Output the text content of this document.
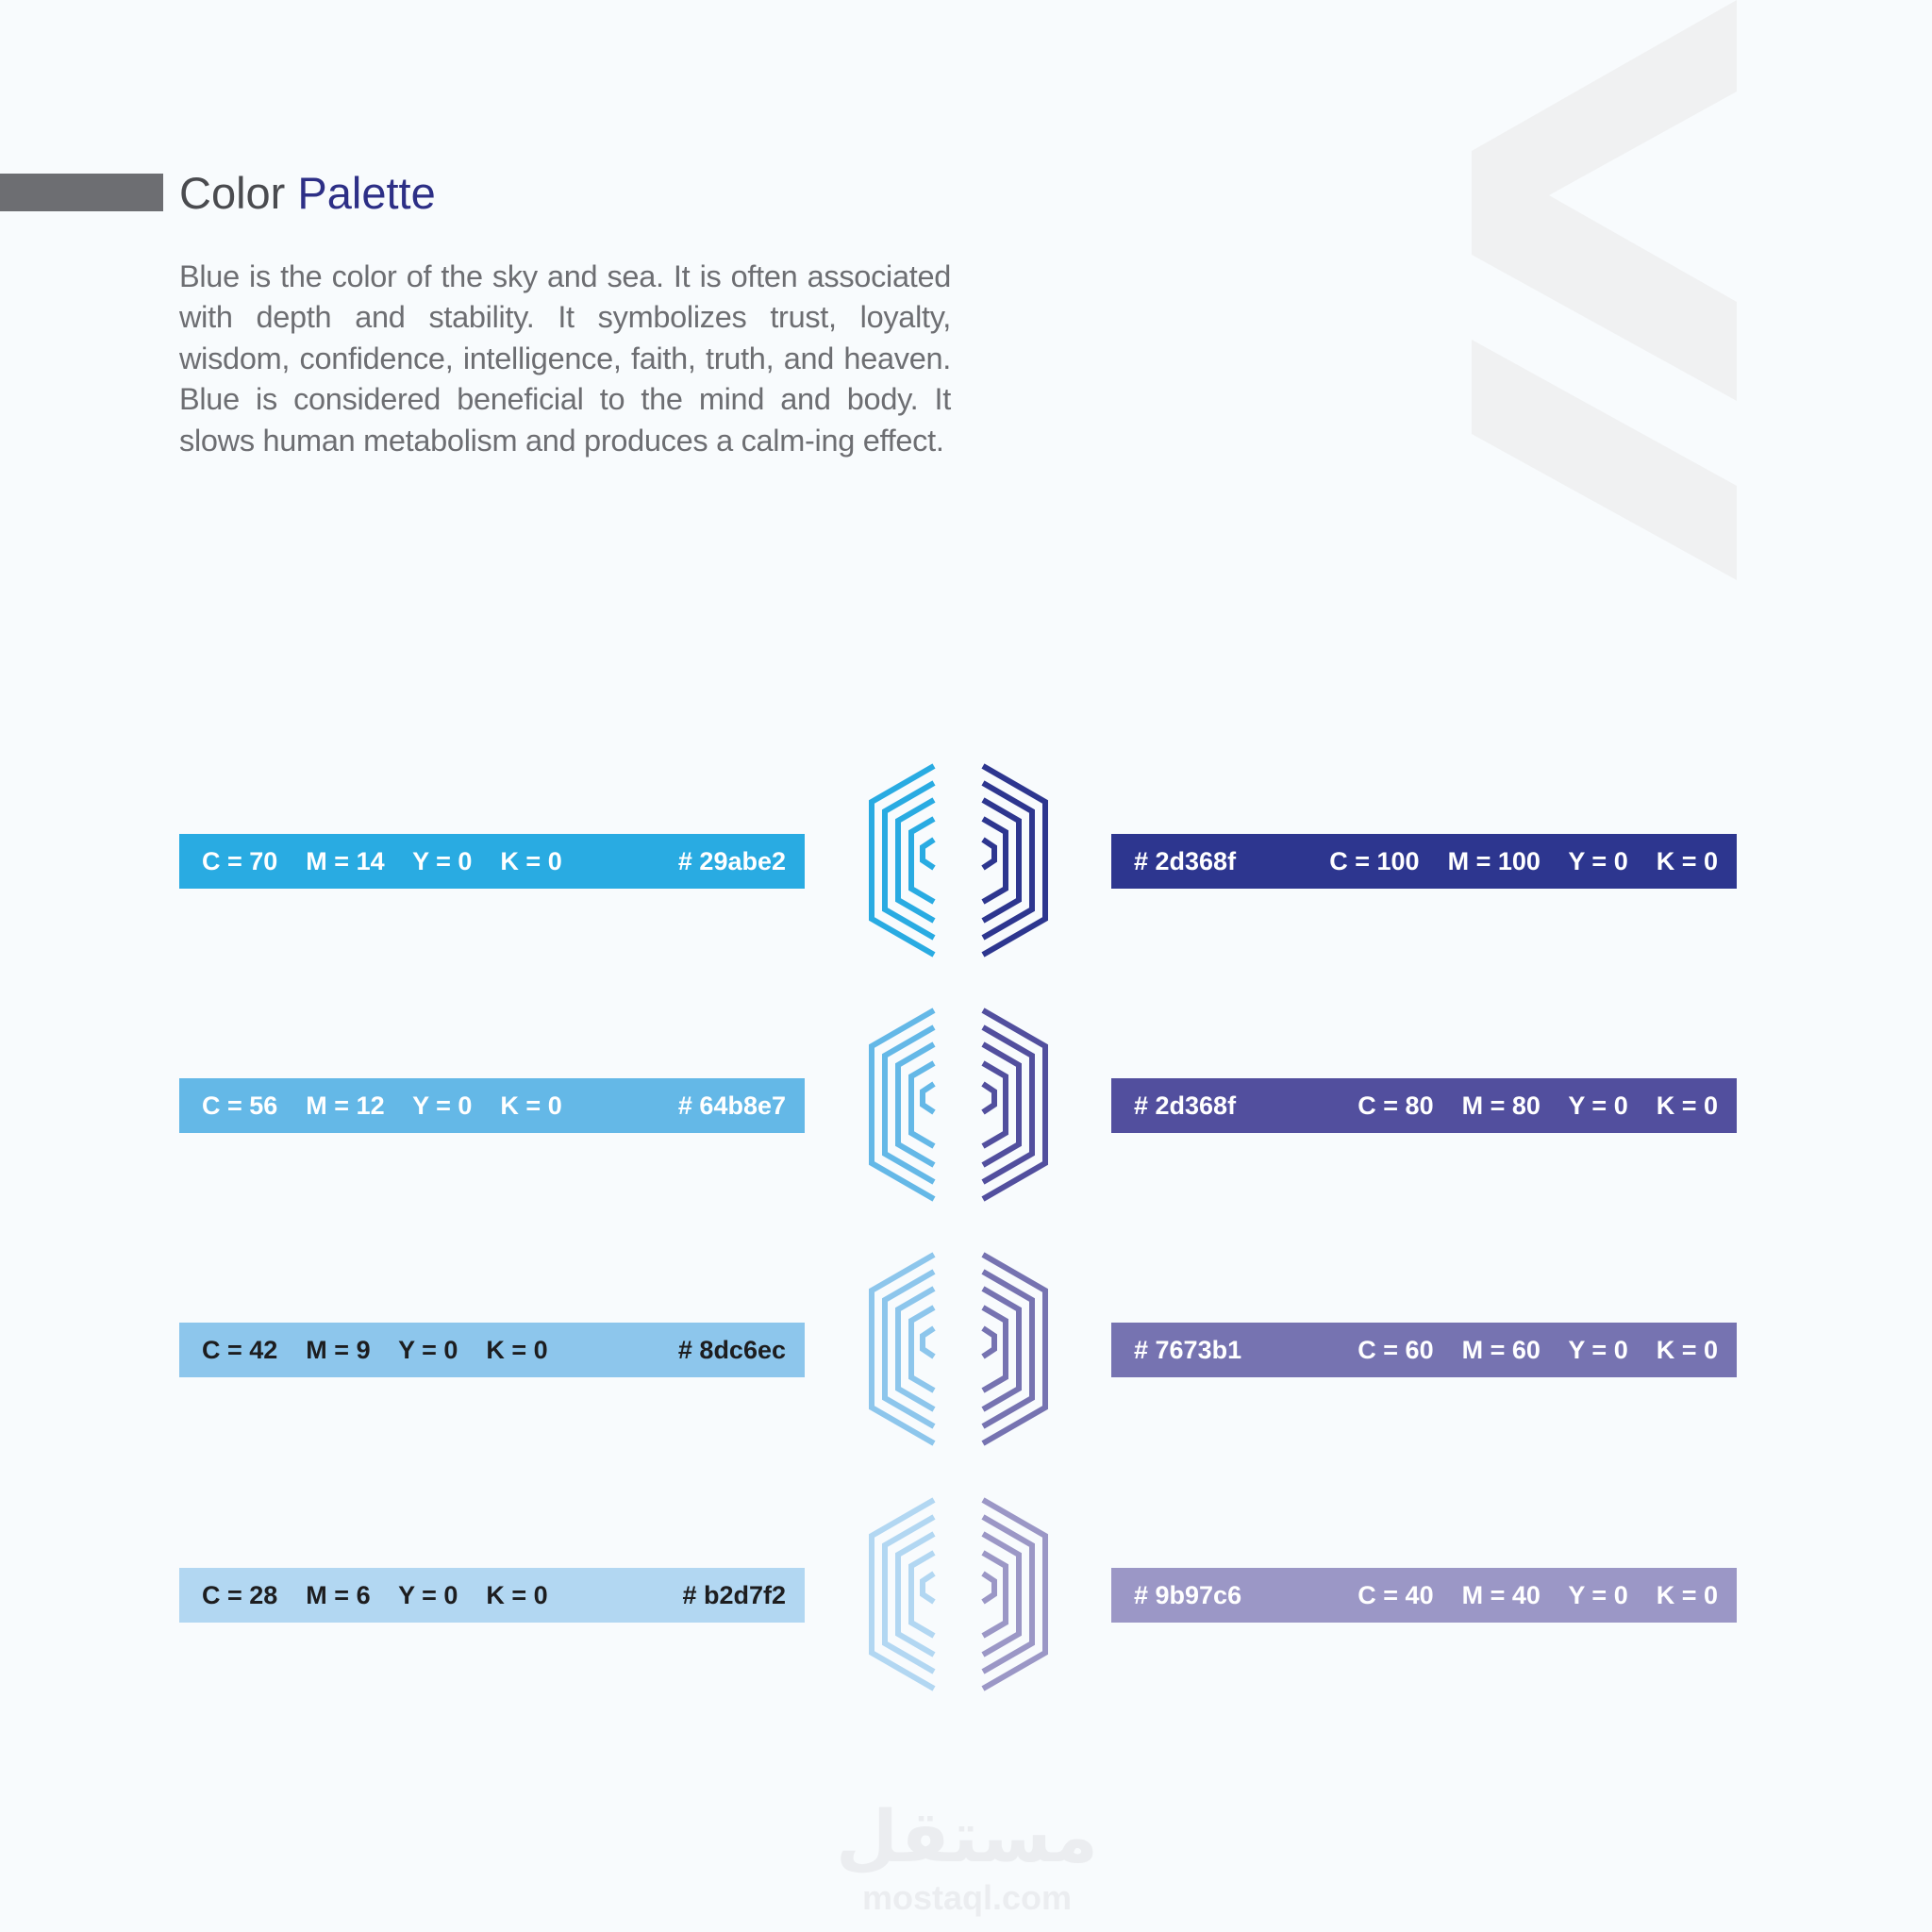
Color Palette
Blue is the color of the sky and sea. It is often associated with depth and stability. It symbolizes trust, loyalty, wisdom, confidence, intelligence, faith, truth, and heaven. Blue is considered beneficial to the mind and body. It slows human metabolism and produces a calm-ing effect.
C = 70    M = 14    Y = 0    K = 0	# 29abe2
C = 56    M = 12    Y = 0    K = 0	# 64b8e7
C = 42    M = 9    Y = 0    K = 0	# 8dc6ec
C = 28    M = 6    Y = 0    K = 0	# b2d7f2
# 2d368f	C = 100    M = 100    Y = 0    K = 0
# 2d368f	C = 80    M = 80    Y = 0    K = 0
# 7673b1	C = 60    M = 60    Y = 0    K = 0
# 9b97c6	C = 40    M = 40    Y = 0    K = 0
مستقل
mostaql.com
